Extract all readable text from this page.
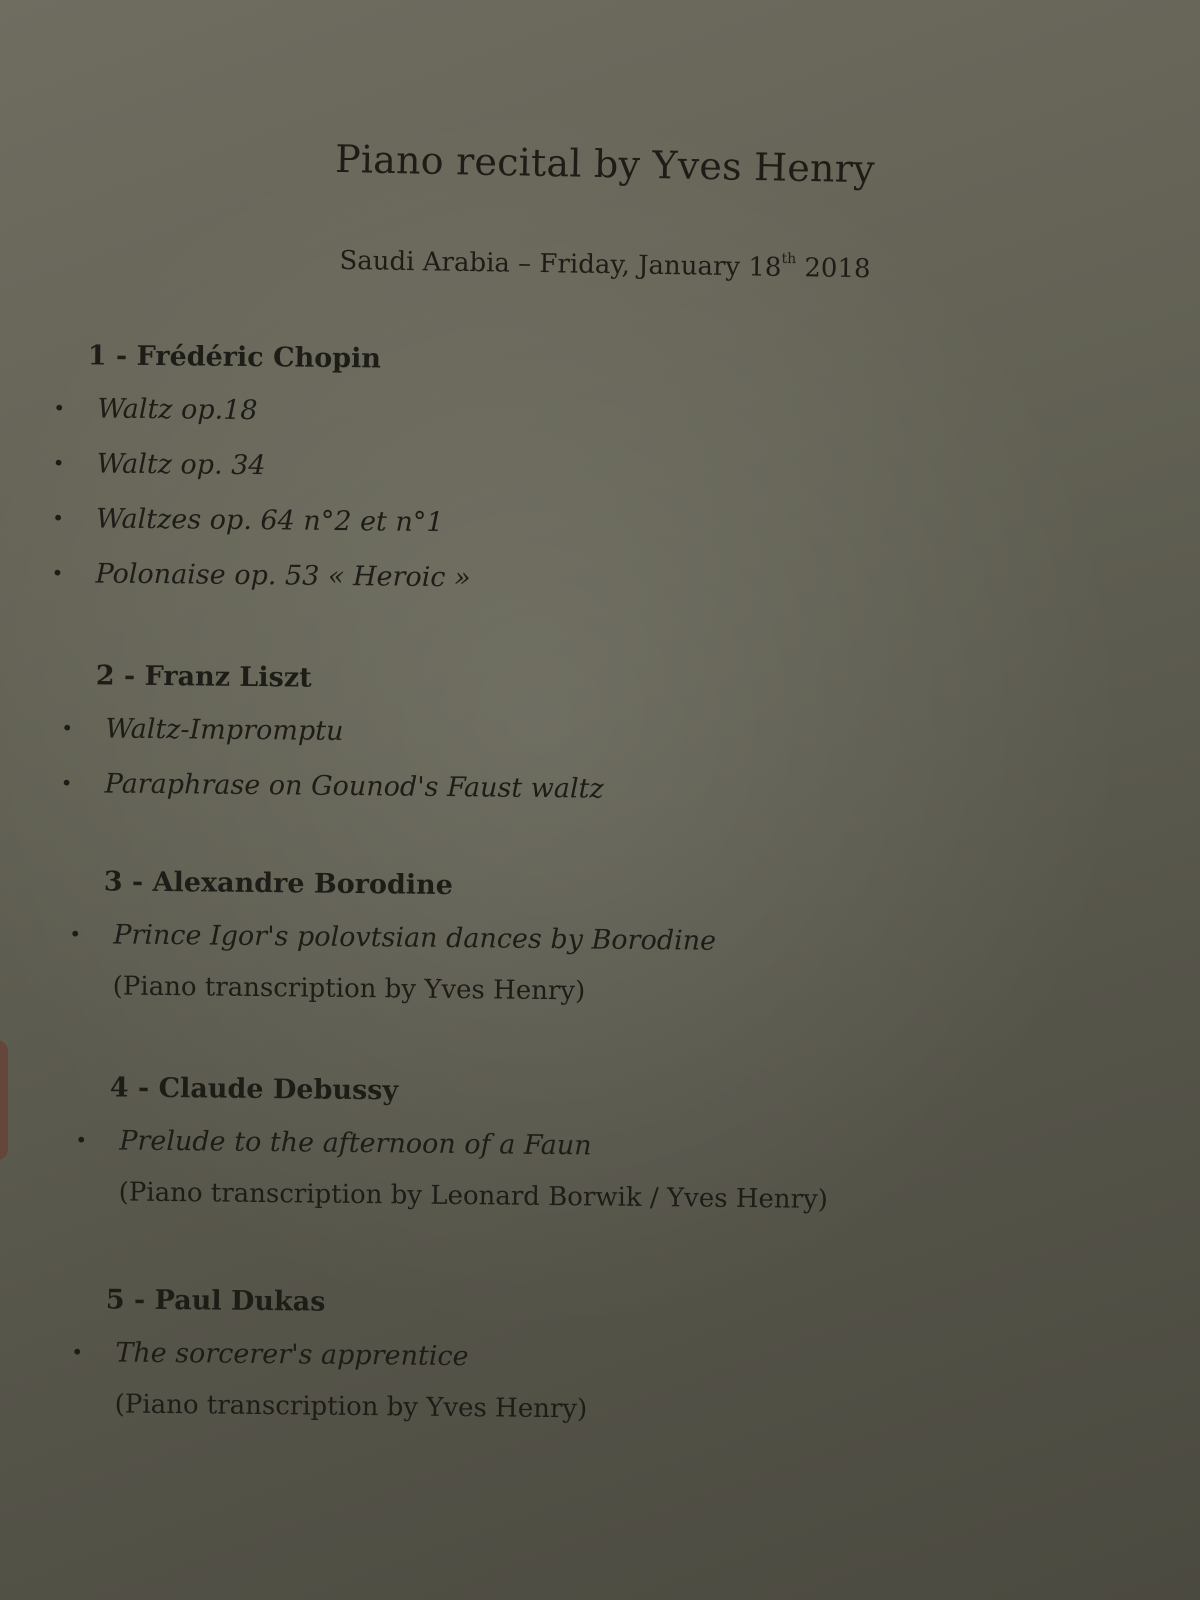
Piano recital by Yves Henry
Saudi Arabia – Friday, January 18th 2018
1 - Frédéric Chopin
• Waltz op.18
• Waltz op. 34
• Waltzes op. 64 n°2 et n°1
• Polonaise op. 53 « Heroic »
2 - Franz Liszt
• Waltz-Impromptu
• Paraphrase on Gounod's Faust waltz
3 - Alexandre Borodine
• Prince Igor's polovtsian dances by Borodine
(Piano transcription by Yves Henry)
4 - Claude Debussy
• Prelude to the afternoon of a Faun
(Piano transcription by Leonard Borwik / Yves Henry)
5 - Paul Dukas
• The sorcerer's apprentice
(Piano transcription by Yves Henry)
